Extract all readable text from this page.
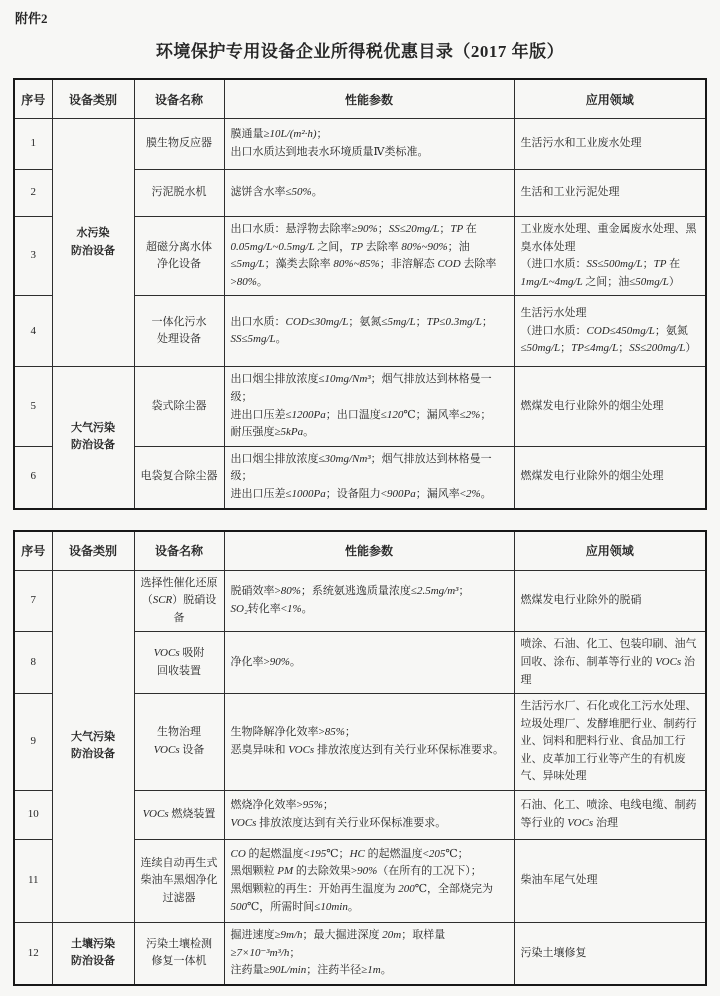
附件2
环境保护专用设备企业所得税优惠目录（2017 年版）
序号	设备类别	设备名称	性能参数	应用领域
1	水污染
防治设备	膜生物反应器	膜通量≥10L/(m²·h)；
出口水质达到地表水环境质量Ⅳ类标准。	生活污水和工业废水处理
2		污泥脱水机	滤饼含水率≤50%。	生活和工业污泥处理
3		超磁分离水体
净化设备	出口水质：悬浮物去除率≥90%；SS≤20mg/L；TP 在 0.05mg/L~0.5mg/L 之间，TP 去除率 80%~90%；油≤5mg/L；藻类去除率 80%~85%；非溶解态 COD 去除率>80%。	工业废水处理、重金属废水处理、黑臭水体处理
（进口水质：SS≤500mg/L；TP 在 1mg/L~4mg/L 之间；油≤50mg/L）
4		一体化污水
处理设备	出口水质：COD≤30mg/L；氨氮≤5mg/L；TP≤0.3mg/L；SS≤5mg/L。	生活污水处理
（进口水质：COD≤450mg/L；氨氮≤50mg/L；TP≤4mg/L；SS≤200mg/L）
5	大气污染
防治设备	袋式除尘器	出口烟尘排放浓度≤10mg/Nm³；烟气排放达到林格曼一级；
进出口压差≤1200Pa；出口温度≤120℃；漏风率≤2%；
耐压强度≥5kPa。	燃煤发电行业除外的烟尘处理
6		电袋复合除尘器	出口烟尘排放浓度≤30mg/Nm³；烟气排放达到林格曼一级；
进出口压差≤1000Pa；设备阻力<900Pa；漏风率<2%。	燃煤发电行业除外的烟尘处理
序号	设备类别	设备名称	性能参数	应用领域
7	大气污染
防治设备	选择性催化还原
（SCR）脱硝设备	脱硝效率>80%；系统氨逃逸质量浓度≤2.5mg/m³；
SO₂转化率<1%。	燃煤发电行业除外的脱硝
8		VOCs 吸附
回收装置	净化率>90%。	喷涂、石油、化工、包装印刷、油气回收、涂布、制革等行业的 VOCs 治理
9		生物治理
VOCs 设备	生物降解净化效率>85%；
恶臭异味和 VOCs 排放浓度达到有关行业环保标准要求。	生活污水厂、石化或化工污水处理、垃圾处理厂、发酵堆肥行业、制药行业、饲料和肥料行业、食品加工行业、皮革加工行业等产生的有机废气、异味处理
10		VOCs 燃烧装置	燃烧净化效率>95%；
VOCs 排放浓度达到有关行业环保标准要求。	石油、化工、喷涂、电线电缆、制药等行业的 VOCs 治理
11		连续自动再生式
柴油车黑烟净化
过滤器	CO 的起燃温度<195℃；HC 的起燃温度<205℃；
黑烟颗粒 PM 的去除效果>90%（在所有的工况下）；
黑烟颗粒的再生：开始再生温度为 200℃，全部烧完为 500℃，所需时间≤10min。	柴油车尾气处理
12	土壤污染
防治设备	污染土壤检测
修复一体机	掘进速度≥9m/h；最大掘进深度 20m；取样量≥7×10⁻³m³/h；
注药量≥90L/min；注药半径≥1m。	污染土壤修复
